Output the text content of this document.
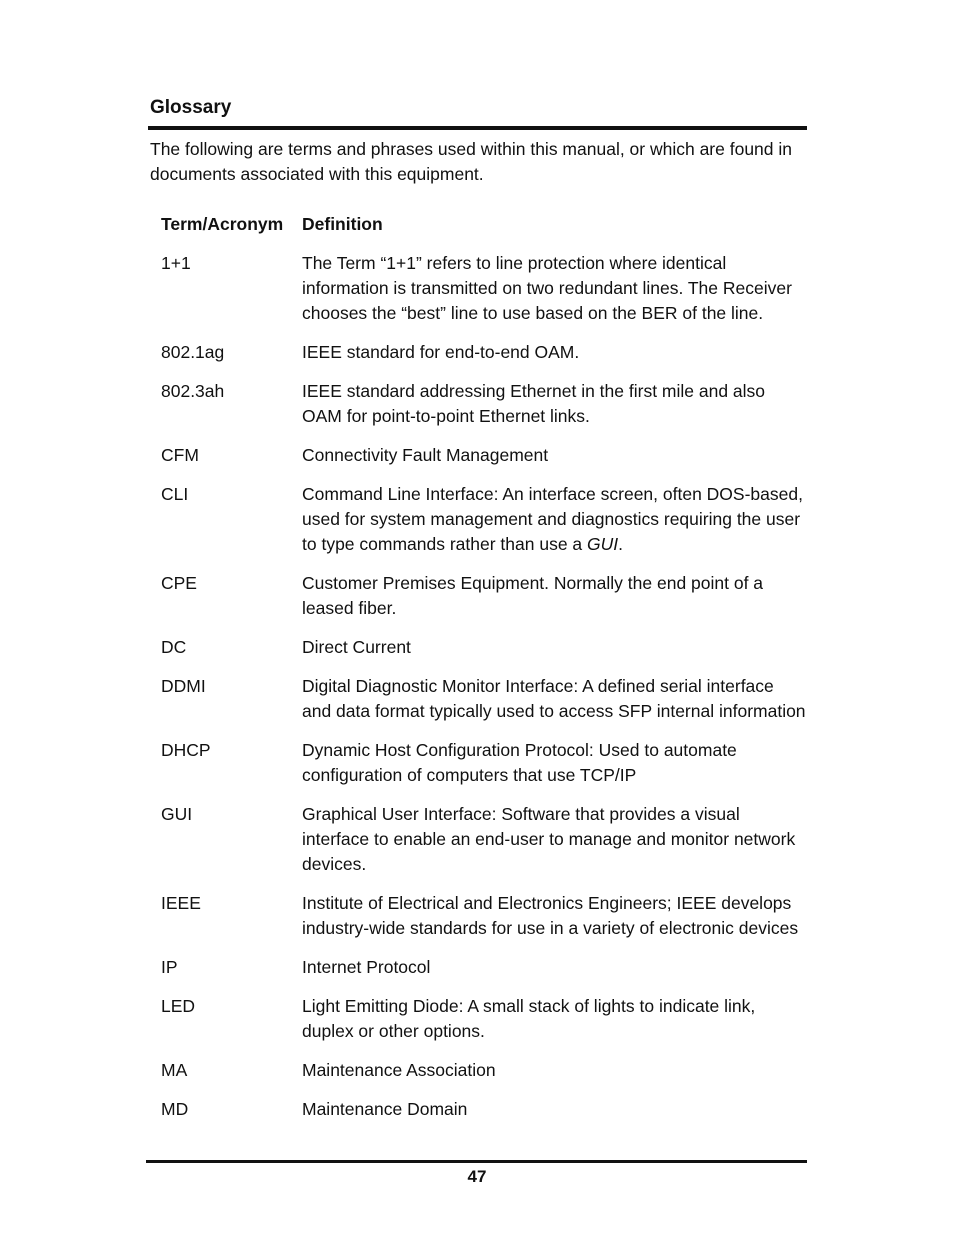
Glossary

The following are terms and phrases used within this manual, or which are found in documents associated with this equipment.

Term/Acronym	Definition
1+1	The Term “1+1” refers to line protection where identical information is transmitted on two redundant lines. The Receiver chooses the “best” line to use based on the BER of the line.
802.1ag	IEEE standard for end-to-end OAM.
802.3ah	IEEE standard addressing Ethernet in the first mile and also OAM for point-to-point Ethernet links.
CFM	Connectivity Fault Management
CLI	Command Line Interface: An interface screen, often DOS-based, used for system management and diagnostics requiring the user to type commands rather than use a GUI.
CPE	Customer Premises Equipment. Normally the end point of a leased fiber.
DC	Direct Current
DDMI	Digital Diagnostic Monitor Interface: A defined serial interface and data format typically used to access SFP internal information
DHCP	Dynamic Host Configuration Protocol: Used to automate configuration of computers that use TCP/IP
GUI	Graphical User Interface: Software that provides a visual interface to enable an end-user to manage and monitor network devices.
IEEE	Institute of Electrical and Electronics Engineers; IEEE develops industry-wide standards for use in a variety of electronic devices
IP	Internet Protocol
LED	Light Emitting Diode: A small stack of lights to indicate link, duplex or other options.
MA	Maintenance Association
MD	Maintenance Domain
47
